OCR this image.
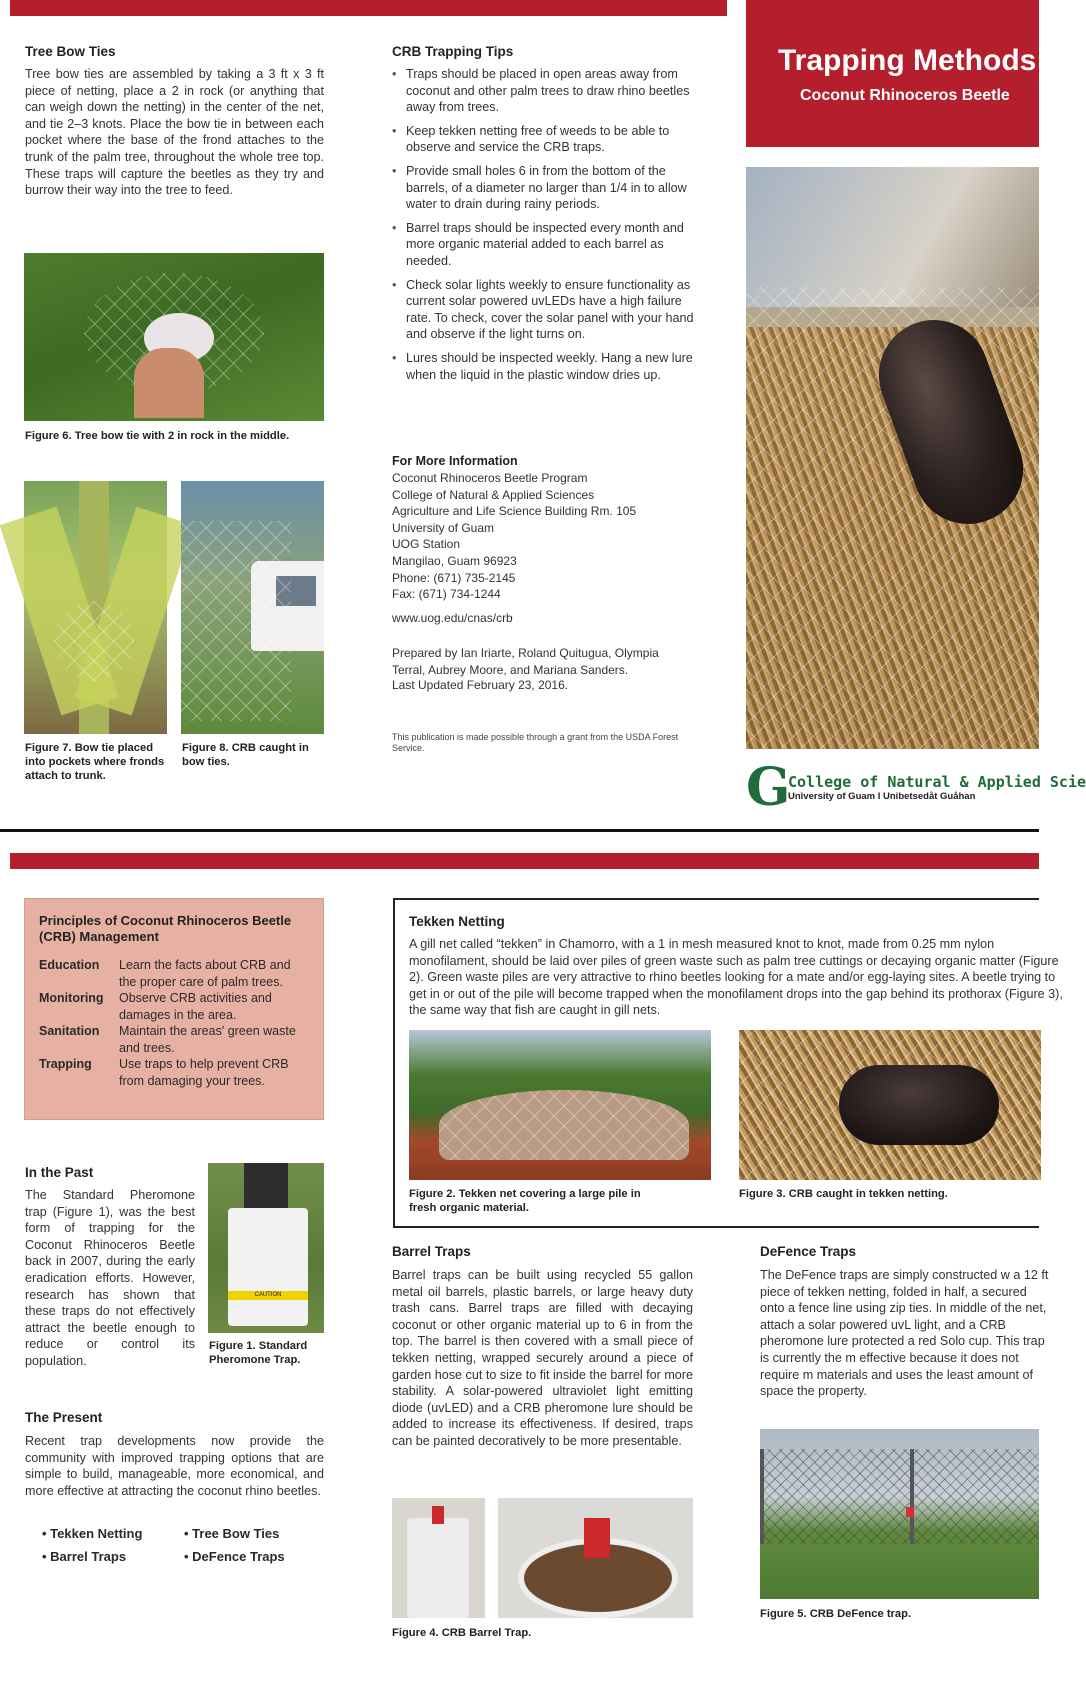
Tree Bow Ties
Tree bow ties are assembled by taking a 3 ft x 3 ft piece of netting, place a 2 in rock (or anything that can weigh down the netting) in the center of the net, and tie 2–3 knots. Place the bow tie in between each pocket where the base of the frond attaches to the trunk of the palm tree, throughout the whole tree top. These traps will capture the beetles as they try and burrow their way into the tree to feed.
Figure 6. Tree bow tie with 2 in rock in the middle.
Figure 7. Bow tie placed into pockets where fronds attach to trunk.
Figure 8. CRB caught in bow ties.
CRB Trapping Tips
• Traps should be placed in open areas away from coconut and other palm trees to draw rhino beetles away from trees.
• Keep tekken netting free of weeds to be able to observe and service the CRB traps.
• Provide small holes 6 in from the bottom of the barrels, of a diameter no larger than 1/4 in to allow water to drain during rainy periods.
• Barrel traps should be inspected every month and more organic material added to each barrel as needed.
• Check solar lights weekly to ensure functionality as current solar powered uvLEDs have a high failure rate. To check, cover the solar panel with your hand and observe if the light turns on.
• Lures should be inspected weekly. Hang a new lure when the liquid in the plastic window dries up.
For More Information
Coconut Rhinoceros Beetle Program
College of Natural & Applied Sciences
Agriculture and Life Science Building Rm. 105
University of Guam
UOG Station
Mangilao, Guam 96923
Phone: (671) 735-2145
Fax: (671) 734-1244
www.uog.edu/cnas/crb
Prepared by Ian Iriarte, Roland Quitugua, Olympia Terral, Aubrey Moore, and Mariana Sanders.
Last Updated February 23, 2016.
This publication is made possible through a grant from the USDA Forest Service.
Trapping Methods
Coconut Rhinoceros Beetle
G
College of Natural & Applied Scie
University of Guam I Unibetsedåt Guåhan
Principles of Coconut Rhinoceros Beetle (CRB) Management
Education	Learn the facts about CRB and the proper care of palm trees.
Monitoring	Observe CRB activities and damages in the area.
Sanitation	Maintain the areas' green waste and trees.
Trapping	Use traps to help prevent CRB from damaging your trees.
In the Past
The Standard Pheromone trap (Figure 1), was the best form of trapping for the Coconut Rhinoceros Beetle back in 2007, during the early eradication efforts. However, research has shown that these traps do not effectively attract the beetle enough to reduce or control its population.
CAUTION
Figure 1. Standard Pheromone Trap.
The Present
Recent trap developments now provide the community with improved trapping options that are simple to build, manageable, more economical, and more effective at attracting the coconut rhino beetles.
• Tekken Netting	• Tree Bow Ties
• Barrel Traps	• DeFence Traps
Tekken Netting
A gill net called “tekken” in Chamorro, with a 1 in mesh measured knot to knot, made from 0.25 mm nylon monofilament, should be laid over piles of green waste such as palm tree cuttings or decaying organic matter (Figure 2). Green waste piles are very attractive to rhino beetles looking for a mate and/or egg-laying sites. A beetle trying to get in or out of the pile will become trapped when the monofilament drops into the gap behind its prothorax (Figure 3), the same way that fish are caught in gill nets.
Figure 2. Tekken net covering a large pile in fresh organic material.
Figure 3. CRB caught in tekken netting.
Barrel Traps
Barrel traps can be built using recycled 55 gallon metal oil barrels, plastic barrels, or large heavy duty trash cans. Barrel traps are filled with decaying coconut or other organic material up to 6 in from the top. The barrel is then covered with a small piece of tekken netting, wrapped securely around a piece of garden hose cut to size to fit inside the barrel for more stability. A solar-powered ultraviolet light emitting diode (uvLED) and a CRB pheromone lure should be added to increase its effectiveness. If desired, traps can be painted decoratively to be more presentable.
Figure 4. CRB Barrel Trap.
DeFence Traps
The DeFence traps are simply constructed w a 12 ft piece of tekken netting, folded in half, a secured onto a fence line using zip ties. In middle of the net, attach a solar powered uvL light, and a CRB pheromone lure protected a red Solo cup. This trap is currently the m effective because it does not require m materials and uses the least amount of space the property.
Figure 5. CRB DeFence trap.
